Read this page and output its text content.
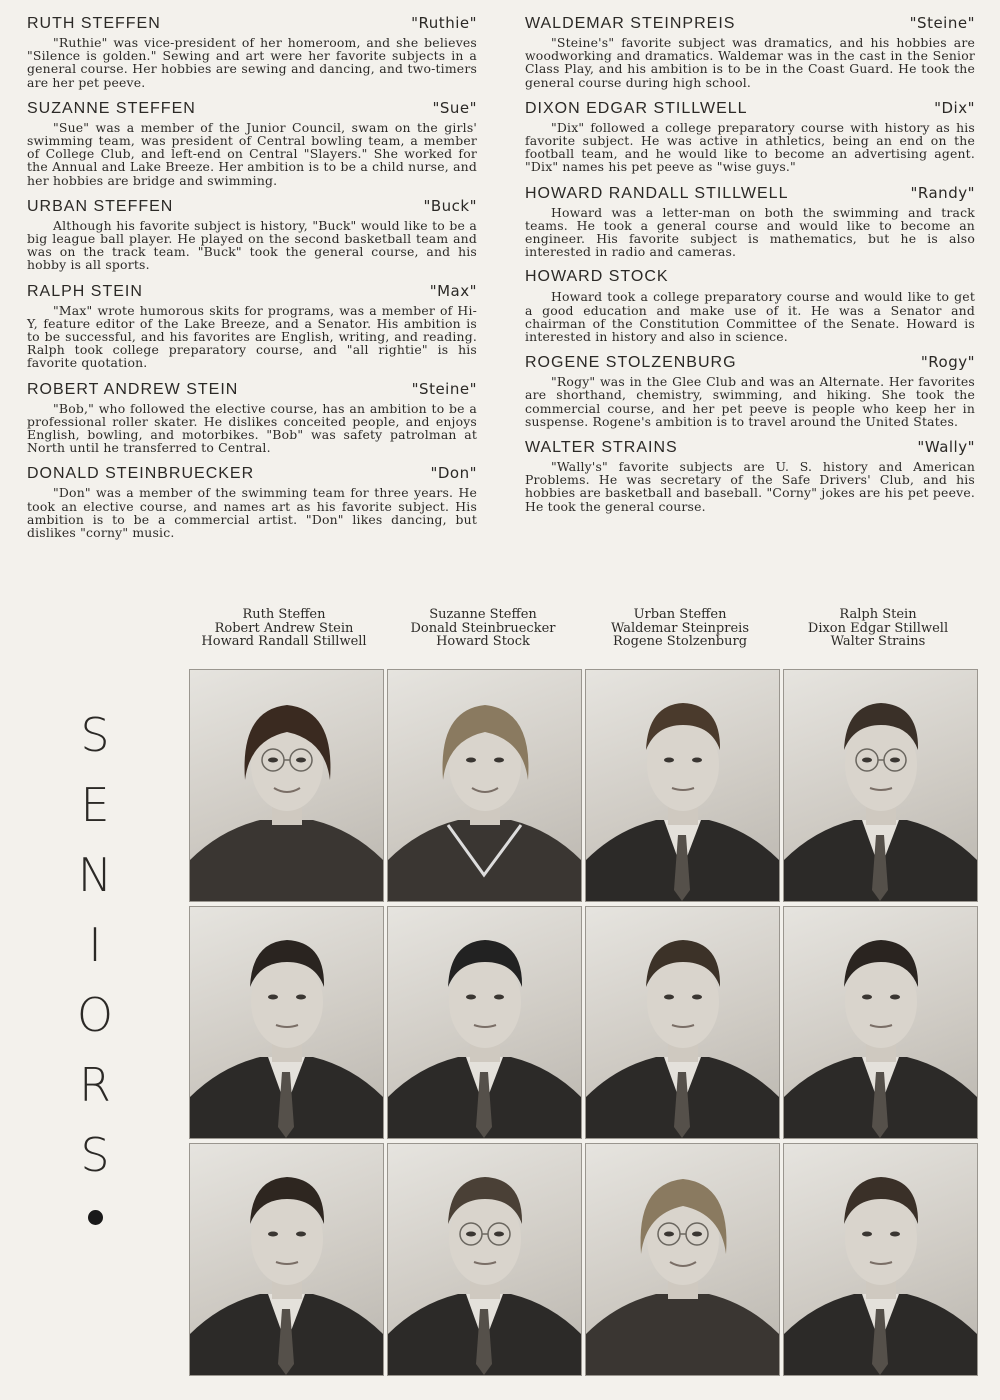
RUTH STEFFEN	"Ruthie"

"Ruthie" was vice-president of her homeroom, and she believes "Silence is golden." Sewing and art were her favorite subjects in a general course. Her hobbies are sewing and dancing, and two-timers are her pet peeve.

SUZANNE STEFFEN	"Sue"

"Sue" was a member of the Junior Council, swam on the girls' swimming team, was president of Central bowling team, a member of College Club, and left-end on Central "Slayers." She worked for the Annual and Lake Breeze. Her ambition is to be a child nurse, and her hobbies are bridge and swimming.

URBAN STEFFEN	"Buck"

Although his favorite subject is history, "Buck" would like to be a big league ball player. He played on the second basketball team and was on the track team. "Buck" took the general course, and his hobby is all sports.

RALPH STEIN	"Max"

"Max" wrote humorous skits for programs, was a member of Hi-Y, feature editor of the Lake Breeze, and a Senator. His ambition is to be successful, and his favorites are English, writing, and reading. Ralph took college preparatory course, and "all rightie" is his favorite quotation.

ROBERT ANDREW STEIN	"Steine"

"Bob," who followed the elective course, has an ambition to be a professional roller skater. He dislikes conceited people, and enjoys English, bowling, and motorbikes. "Bob" was safety patrolman at North until he transferred to Central.

DONALD STEINBRUECKER	"Don"

"Don" was a member of the swimming team for three years. He took an elective course, and names art as his favorite subject. His ambition is to be a commercial artist. "Don" likes dancing, but dislikes "corny" music.

WALDEMAR STEINPREIS	"Steine"

"Steine's" favorite subject was dramatics, and his hobbies are woodworking and dramatics. Waldemar was in the cast in the Senior Class Play, and his ambition is to be in the Coast Guard. He took the general course during high school.

DIXON EDGAR STILLWELL	"Dix"

"Dix" followed a college preparatory course with history as his favorite subject. He was active in athletics, being an end on the football team, and he would like to become an advertising agent. "Dix" names his pet peeve as "wise guys."

HOWARD RANDALL STILLWELL	"Randy"

Howard was a letter-man on both the swimming and track teams. He took a general course and would like to become an engineer. His favorite subject is mathematics, but he is also interested in radio and cameras.

HOWARD STOCK

Howard took a college preparatory course and would like to get a good education and make use of it. He was a Senator and chairman of the Constitution Committee of the Senate. Howard is interested in history and also in science.

ROGENE STOLZENBURG	"Rogy"

"Rogy" was in the Glee Club and was an Alternate. Her favorites are shorthand, chemistry, swimming, and hiking. She took the commercial course, and her pet peeve is people who keep her in suspense. Rogene's ambition is to travel around the United States.

WALTER STRAINS	"Wally"

"Wally's" favorite subjects are U. S. history and American Problems. He was secretary of the Safe Drivers' Club, and his hobbies are basketball and baseball. "Corny" jokes are his pet peeve. He took the general course.

Ruth Steffen
Robert Andrew Stein
Howard Randall Stillwell
Suzanne Steffen
Donald Steinbruecker
Howard Stock
Urban Steffen
Waldemar Steinpreis
Rogene Stolzenburg
Ralph Stein
Dixon Edgar Stillwell
Walter Strains
S
E
N
I
O
R
S
